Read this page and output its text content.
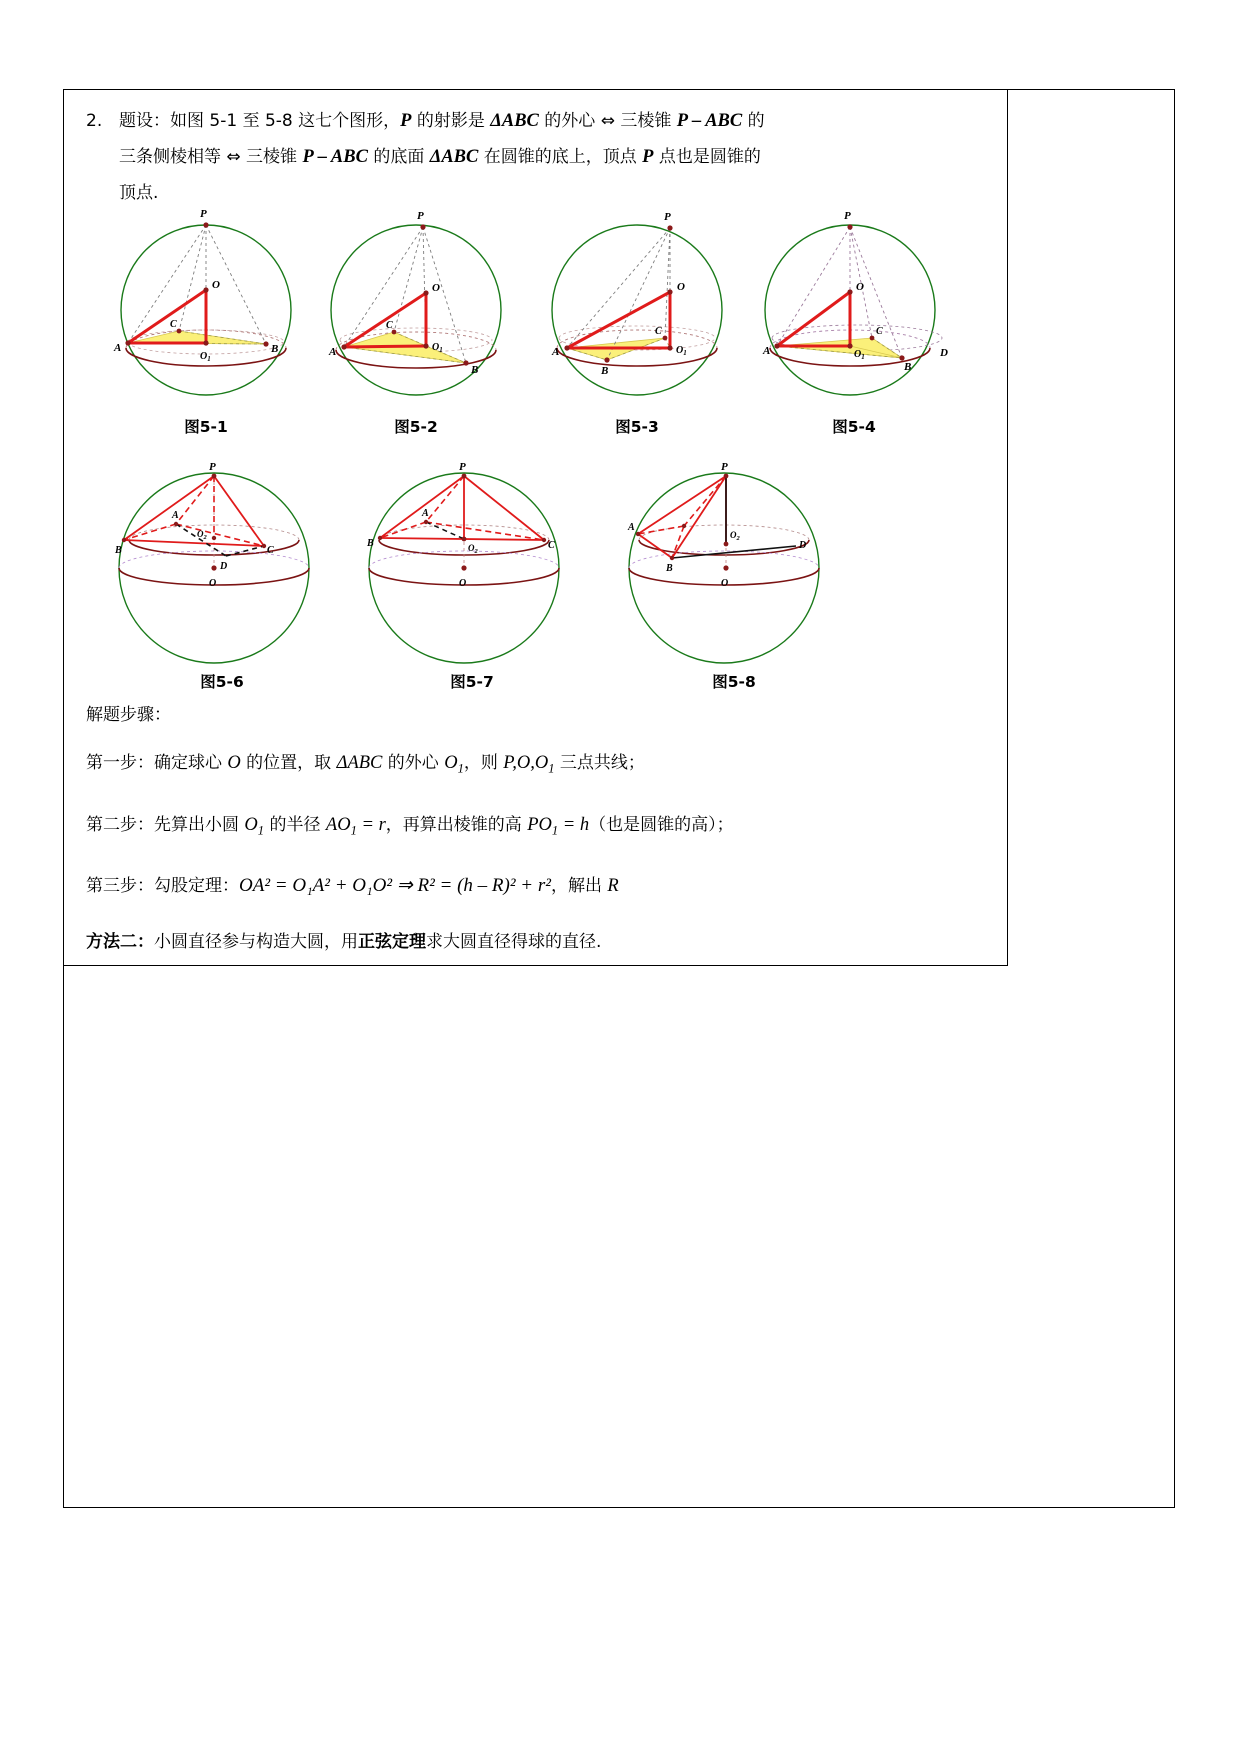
2. 题设：如图 5-1 至 5-8 这七个图形，P 的射影是 ΔABC 的外心 ⇔ 三棱锥 P – ABC 的
三条侧棱相等 ⇔ 三棱锥 P – ABC 的底面 ΔABC 在圆锥的底上，顶点 P 点也是圆锥的
顶点.
P
O
C
A
$O_1$
B
图5-1
P
O
C
A	$O_1$
B
图5-2
P
O
C
A	$O_1$
B
图5-3
P
O
C
A	$O_1$
B
D
图5-4
P
A
B	C
D
$O_2$
O
图5-6
P
A
B	C
$O_2$
O
图5-7
P
A
B
D
$O_2$
O
图5-8
解题步骤：
第一步：确定球心 O 的位置，取 ΔABC 的外心 $O_1$，则 $P,O,O_1$ 三点共线；
第二步：先算出小圆 $O_1$ 的半径 $AO_1 = r$，再算出棱锥的高 $PO_1 = h$（也是圆锥的高）；
第三步：勾股定理：OA² = O₁A² + O₁O² ⇒ R² = (h – R)² + r²，解出 R
方法二：小圆直径参与构造大圆，用正弦定理求大圆直径得球的直径.
